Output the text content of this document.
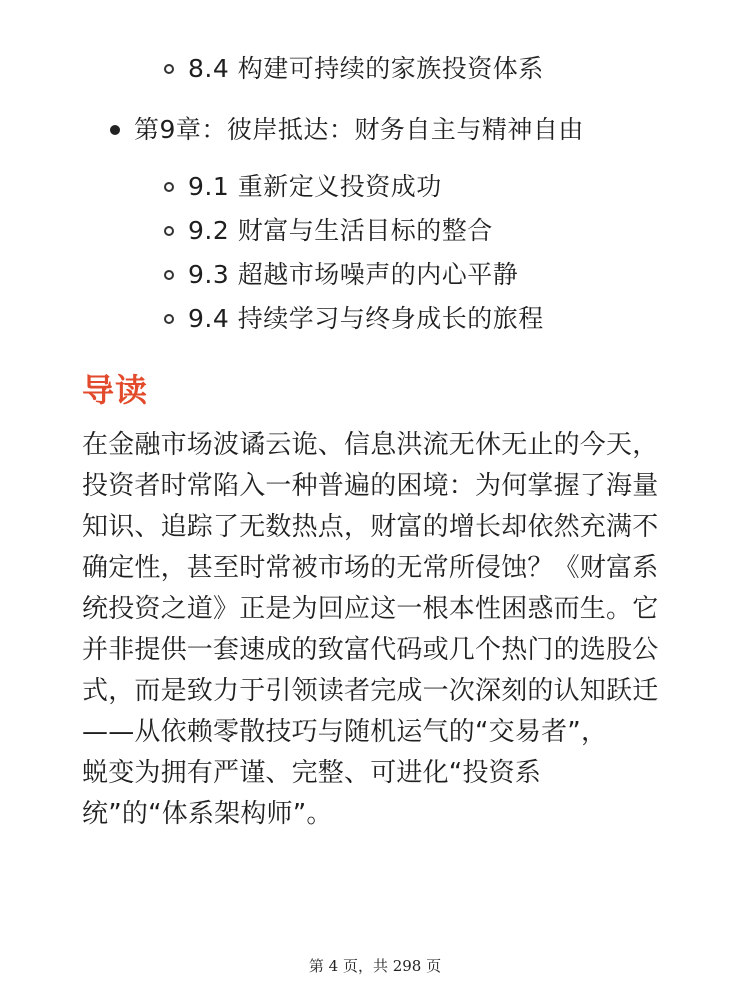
8.4 构建可持续的家族投资体系
第9章：彼岸抵达：财务自主与精神自由
9.1 重新定义投资成功
9.2 财富与生活目标的整合
9.3 超越市场噪声的内心平静
9.4 持续学习与终身成长的旅程
导读
在金融市场波谲云诡、信息洪流无休无止的今天，
投资者时常陷入一种普遍的困境：为何掌握了海量
知识、追踪了无数热点，财富的增长却依然充满不
确定性，甚至时常被市场的无常所侵蚀？《财富系
统投资之道》正是为回应这一根本性困惑而生。它
并非提供一套速成的致富代码或几个热门的选股公
式，而是致力于引领读者完成一次深刻的认知跃迁
——从依赖零散技巧与随机运气的“交易者”，
蜕变为拥有严谨、完整、可进化“投资系
统”的“体系架构师”。
第 4 页，共 298 页
